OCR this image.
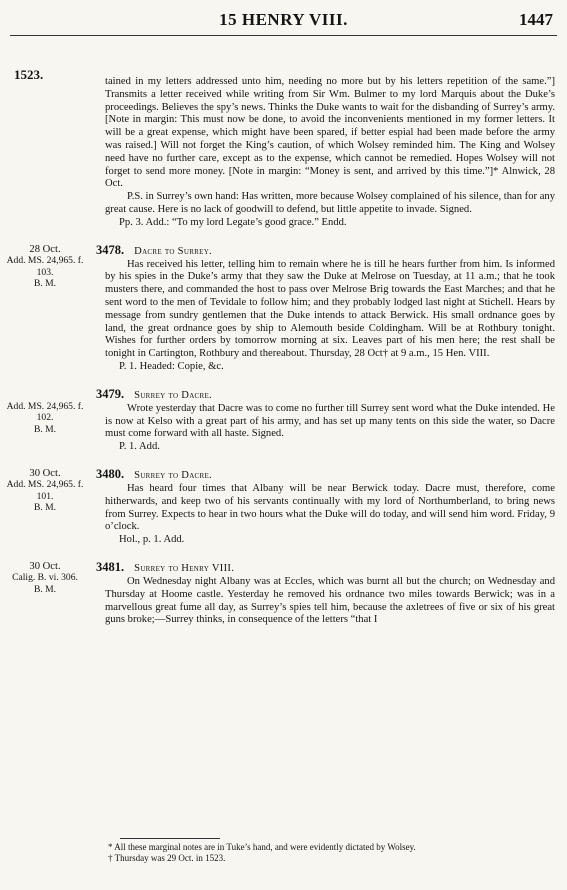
15 HENRY VIII.	1447
1523.	tained in my letters addressed unto him, needing no more but by his letters repetition of the same.”] Transmits a letter received while writing from Sir Wm. Bulmer to my lord Marquis about the Duke’s proceedings. Believes the spy’s news. Thinks the Duke wants to wait for the disbanding of Surrey’s army. [Note in margin: This must now be done, to avoid the inconvenients mentioned in my former letters. It will be a great expense, which might have been spared, if better espial had been made before the army was raised.] Will not forget the King’s caution, of which Wolsey reminded him. The King and Wolsey need have no further care, except as to the expense, which cannot be remedied. Hopes Wolsey will not forget to send more money. [Note in margin: “Money is sent, and arrived by this time.”]* Alnwick, 28 Oct.

P.S. in Surrey’s own hand: Has written, more because Wolsey complained of his silence, than for any great cause. Here is no lack of goodwill to defend, but little appetite to invade. Signed.

Pp. 3. Add.: “To my lord Legate’s good grace.” Endd.
28 Oct.
Add. MS. 24,965. f. 103.
B. M.
3478. Dacre to Surrey.

Has received his letter, telling him to remain where he is till he hears further from him. Is informed by his spies in the Duke’s army that they saw the Duke at Melrose on Tuesday, at 11 a.m.; that he took musters there, and commanded the host to pass over Melrose Brig towards the East Marches; and that he sent word to the men of Tevidale to follow him; and they probably lodged last night at Stichell. Hears by message from sundry gentlemen that the Duke intends to attack Berwick. His small ordnance goes by land, the great ordnance goes by ship to Alemouth beside Coldingham. Will be at Rothbury tonight. Wishes for further orders by tomorrow morning at six. Leaves part of his men here; the rest shall be tonight in Cartington, Rothbury and thereabout. Thursday, 28 Oct† at 9 a.m., 15 Hen. VIII.

P. 1. Headed: Copie, &c.
Add. MS. 24,965. f. 102.
B. M.
3479. Surrey to Dacre.

Wrote yesterday that Dacre was to come no further till Surrey sent word what the Duke intended. He is now at Kelso with a great part of his army, and has set up many tents on this side the water, so Dacre must come forward with all haste. Signed.

P. 1. Add.
30 Oct.
Add. MS. 24,965. f. 101.
B. M.
3480. Surrey to Dacre.

Has heard four times that Albany will be near Berwick today. Dacre must, therefore, come hitherwards, and keep two of his servants continually with my lord of Northumberland, to bring news from Surrey. Expects to hear in two hours what the Duke will do today, and will send him word. Friday, 9 o’clock.

Hol., p. 1. Add.
30 Oct.
Calig. B. vi. 306.
B. M.
3481. Surrey to Henry VIII.

On Wednesday night Albany was at Eccles, which was burnt all but the church; on Wednesday and Thursday at Hoome castle. Yesterday he removed his ordnance two miles towards Berwick; was in a marvellous great fume all day, as Surrey’s spies tell him, because the axletrees of five or six of his great guns broke;—Surrey thinks, in consequence of the letters “that I

* All these marginal notes are in Tuke’s hand, and were evidently dictated by Wolsey.
† Thursday was 29 Oct. in 1523.
